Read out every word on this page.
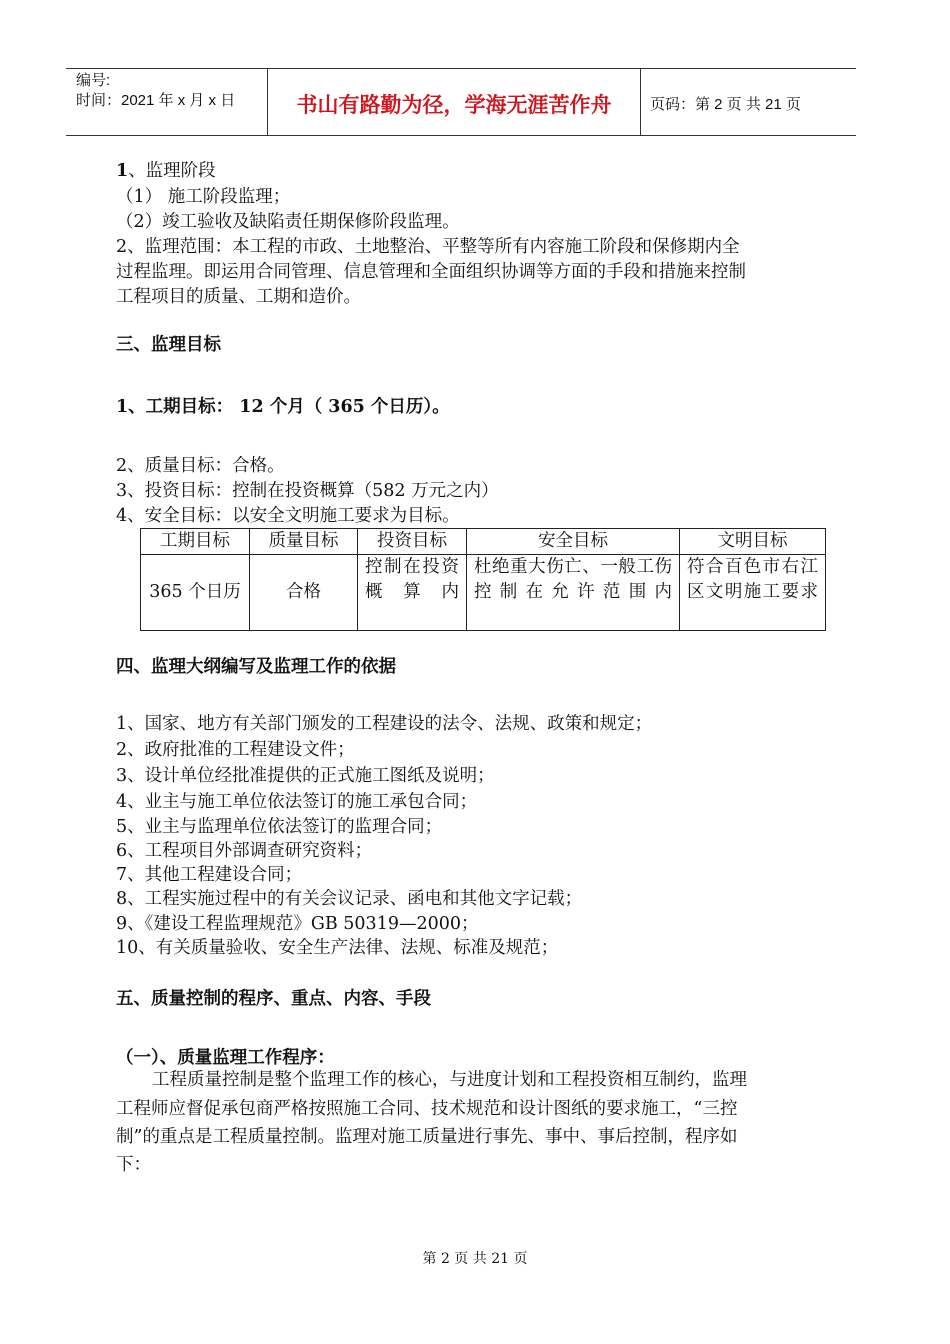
编号:
时间：2021 年 x 月 x 日	书山有路勤为径，学海无涯苦作舟	页码：第 2 页 共 21 页
1、监理阶段
（1） 施工阶段监理；
（2）竣工验收及缺陷责任期保修阶段监理。
2、监理范围：本工程的市政、土地整治、平整等所有内容施工阶段和保修期内全
过程监理。即运用合同管理、信息管理和全面组织协调等方面的手段和措施来控制
工程项目的质量、工期和造价。
三、监理目标
1、工期目标： 12 个月（ 365 个日历）。
2、质量目标：合格。
3、投资目标：控制在投资概算（582 万元之内）
4、安全目标：以安全文明施工要求为目标。
工期目标	质量目标	投资目标	安全目标	文明目标
365 个日历	合格	控制在投资概算内	杜绝重大伤亡、一般工伤控制在允许范围内	符合百色市右江区文明施工要求
四、监理大纲编写及监理工作的依据
1、国家、地方有关部门颁发的工程建设的法令、法规、政策和规定；
2、政府批准的工程建设文件；
3、设计单位经批准提供的正式施工图纸及说明；
4、业主与施工单位依法签订的施工承包合同；
5、业主与监理单位依法签订的监理合同；
6、工程项目外部调查研究资料；
7、其他工程建设合同；
8、工程实施过程中的有关会议记录、函电和其他文字记载；
9、《建设工程监理规范》GB 50319—2000；
10、有关质量验收、安全生产法律、法规、标准及规范；
五、质量控制的程序、重点、内容、手段
（一）、质量监理工作程序：
工程质量控制是整个监理工作的核心，与进度计划和工程投资相互制约，监理
工程师应督促承包商严格按照施工合同、技术规范和设计图纸的要求施工，“三控
制”的重点是工程质量控制。监理对施工质量进行事先、事中、事后控制，程序如
下：
第 2 页 共 21 页
